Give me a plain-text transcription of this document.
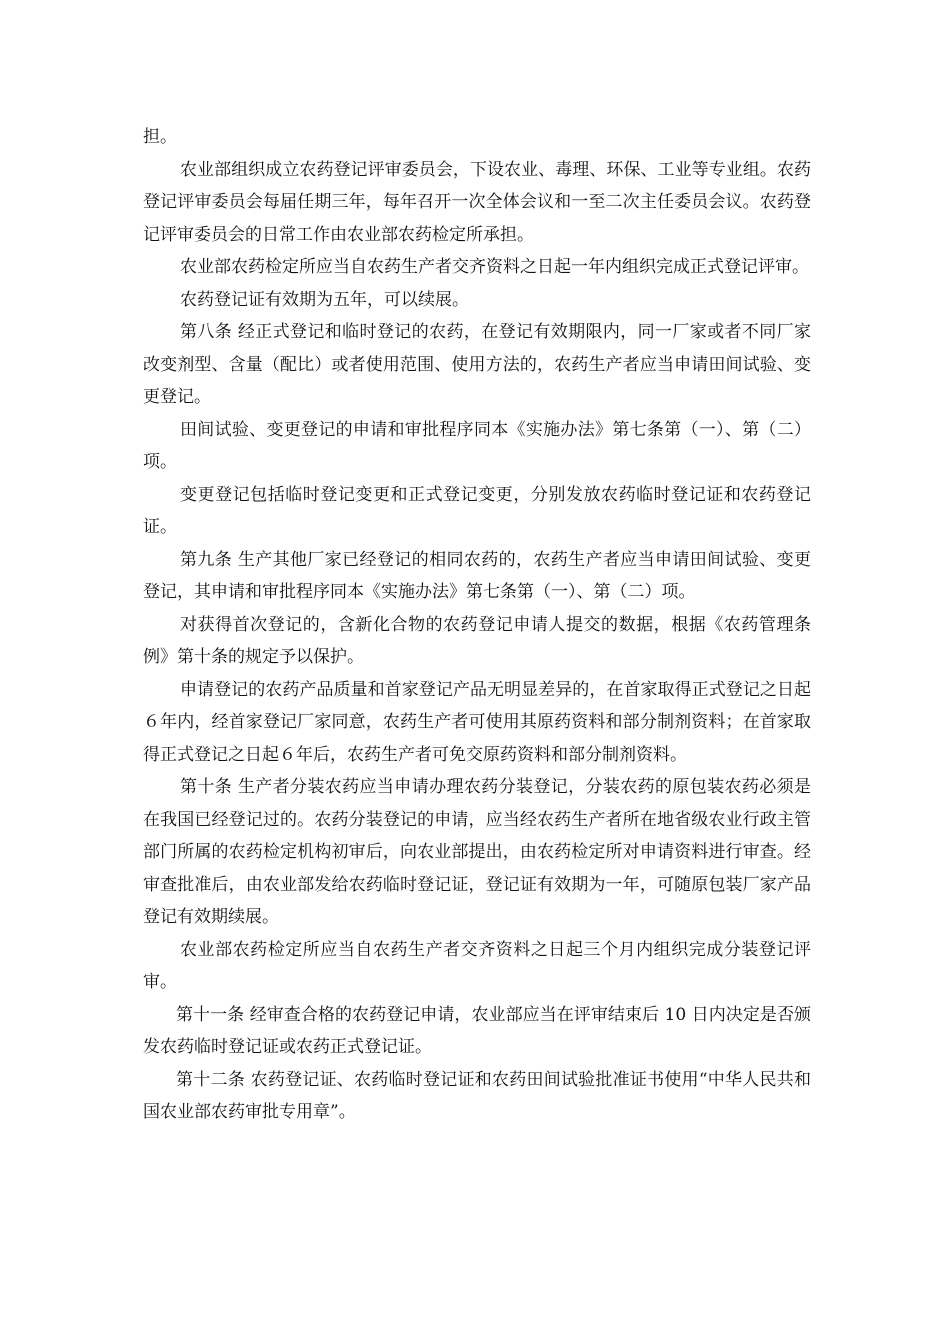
担。

农业部组织成立农药登记评审委员会，下设农业、毒理、环保、工业等专业组。农药登记评审委员会每届任期三年，每年召开一次全体会议和一至二次主任委员会议。农药登记评审委员会的日常工作由农业部农药检定所承担。

农业部农药检定所应当自农药生产者交齐资料之日起一年内组织完成正式登记评审。

农药登记证有效期为五年，可以续展。

第八条 经正式登记和临时登记的农药，在登记有效期限内，同一厂家或者不同厂家改变剂型、含量（配比）或者使用范围、使用方法的，农药生产者应当申请田间试验、变更登记。

田间试验、变更登记的申请和审批程序同本《实施办法》第七条第（一）、第（二）项。

变更登记包括临时登记变更和正式登记变更，分别发放农药临时登记证和农药登记证。

第九条 生产其他厂家已经登记的相同农药的，农药生产者应当申请田间试验、变更登记，其申请和审批程序同本《实施办法》第七条第（一）、第（二）项。

对获得首次登记的，含新化合物的农药登记申请人提交的数据，根据《农药管理条例》第十条的规定予以保护。

申请登记的农药产品质量和首家登记产品无明显差异的，在首家取得正式登记之日起６年内，经首家登记厂家同意，农药生产者可使用其原药资料和部分制剂资料；在首家取得正式登记之日起６年后，农药生产者可免交原药资料和部分制剂资料。

第十条 生产者分装农药应当申请办理农药分装登记，分装农药的原包装农药必须是在我国已经登记过的。农药分装登记的申请，应当经农药生产者所在地省级农业行政主管部门所属的农药检定机构初审后，向农业部提出，由农药检定所对申请资料进行审查。经审查批准后，由农业部发给农药临时登记证，登记证有效期为一年，可随原包装厂家产品登记有效期续展。

农业部农药检定所应当自农药生产者交齐资料之日起三个月内组织完成分装登记评审。

第十一条 经审查合格的农药登记申请，农业部应当在评审结束后 10 日内决定是否颁发农药临时登记证或农药正式登记证。

第十二条 农药登记证、农药临时登记证和农药田间试验批准证书使用“中华人民共和国农业部农药审批专用章”。
